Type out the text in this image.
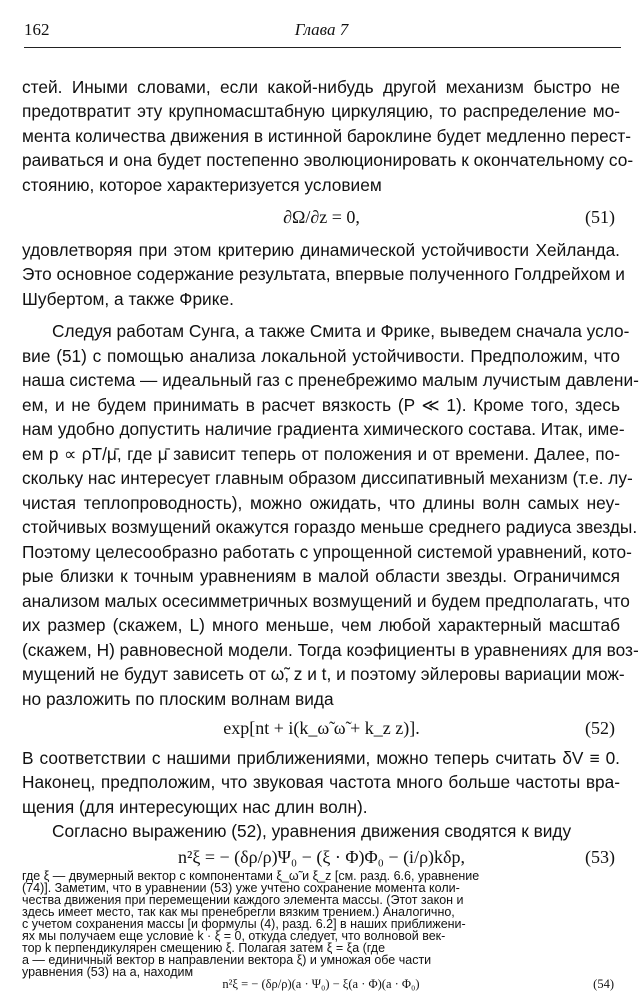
162	Глава 7
стей. Иными словами, если какой-нибудь другой механизм быстро не
предотвратит эту крупномасштабную циркуляцию, то распределение мо-
мента количества движения в истинной бароклине будет медленно перест-
раиваться и она будет постепенно эволюционировать к окончательному со-
стоянию, которое характеризуется условием
∂Ω/∂z = 0,	(51)
удовлетворяя при этом критерию динамической устойчивости Хейланда.
Это основное содержание результата, впервые полученного Голдрейхом и
Шубертом, а также Фрике.
Следуя работам Сунга, а также Смита и Фрике, выведем сначала усло-
вие (51) с помощью анализа локальной устойчивости. Предположим, что
наша система — идеальный газ с пренебрежимо малым лучистым давлени-
ем, и не будем принимать в расчет вязкость (P ≪ 1). Кроме того, здесь
нам удобно допустить наличие градиента химического состава. Итак, име-
ем p ∝ ρT/μ̄, где μ̄ зависит теперь от положения и от времени. Далее, по-
скольку нас интересует главным образом диссипативный механизм (т.е. лу-
чистая теплопроводность), можно ожидать, что длины волн самых неу-
стойчивых возмущений окажутся гораздо меньше среднего радиуса звезды.
Поэтому целесообразно работать с упрощенной системой уравнений, кото-
рые близки к точным уравнениям в малой области звезды. Ограничимся
анализом малых осесимметричных возмущений и будем предполагать, что
их размер (скажем, L) много меньше, чем любой характерный масштаб
(скажем, H) равновесной модели. Тогда коэфициенты в уравнениях для воз-
мущений не будут зависеть от ω̃, z и t, и поэтому эйлеровы вариации мож-
но разложить по плоским волнам вида
exp[nt + i(k_ω̃ ω̃ + k_z z)].	(52)
В соответствии с нашими приближениями, можно теперь считать δV ≡ 0.
Наконец, предположим, что звуковая частота много больше частоты вра-
щения (для интересующих нас длин волн).
Согласно выражению (52), уравнения движения сводятся к виду
n²ξ = − (δρ/ρ)Ψ₀ − (ξ · Φ)Φ₀ − (i/ρ)kδp,	(53)
где ξ — двумерный вектор с компонентами ξ_ω̃ и ξ_z [см. разд. 6.6, уравнение
(74)]. Заметим, что в уравнении (53) уже учтено сохранение момента коли-
чества движения при перемещении каждого элемента массы. (Этот закон и
здесь имеет место, так как мы пренебрегли вязким трением.) Аналогично,
с учетом сохранения массы [и формулы (4), разд. 6.2] в наших приближени-
ях мы получаем еще условие k · ξ = 0, откуда следует, что волновой век-
тор k перпендикулярен смещению ξ. Полагая затем ξ = ξa (где
a — единичный вектор в направлении вектора ξ) и умножая обе части
уравнения (53) на a, находим
n²ξ = − (δρ/ρ)(a · Ψ₀) − ξ(a · Φ)(a · Φ₀)	(54)
